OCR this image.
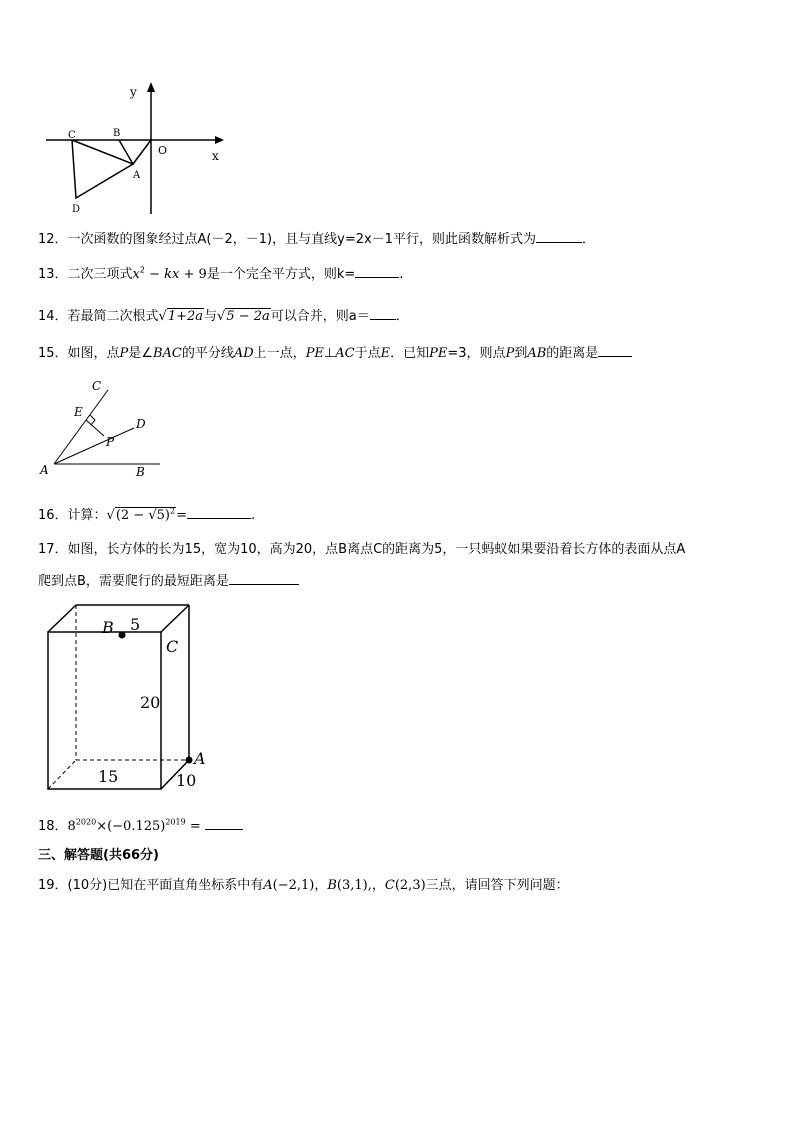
y
x
O
C	B
A
D
12．一次函数的图象经过点A(－2，－1)，且与直线y=2x－1平行，则此函数解析式为	．
13．二次三项式$x^2$ − kx + 9是一个完全平方式，则k=	.
14．若最简二次根式√1+2a与√5 − 2a可以合并，则a＝ ．
15．如图，点P是∠BAC的平分线AD上一点，PE⊥AC于点E．已知PE=3，则点P到AB的距离是
C
E
D
P
A	B
16．计算：$√(2 - √5)^2=$	.
17．如图，长方体的长为15，宽为10，高为20，点B离点C的距离为5，一只蚂蚁如果要沿着长方体的表面从点A
爬到点B，需要爬行的最短距离是
B 5
C
20
15	10
A
18．$8^{2020}\times(-0.125)^{2019}$ =
三、解答题(共66分)
19．(10分)已知在平面直角坐标系中有A(−2,1)，B(3,1),，C(2,3)三点，请回答下列问题：
